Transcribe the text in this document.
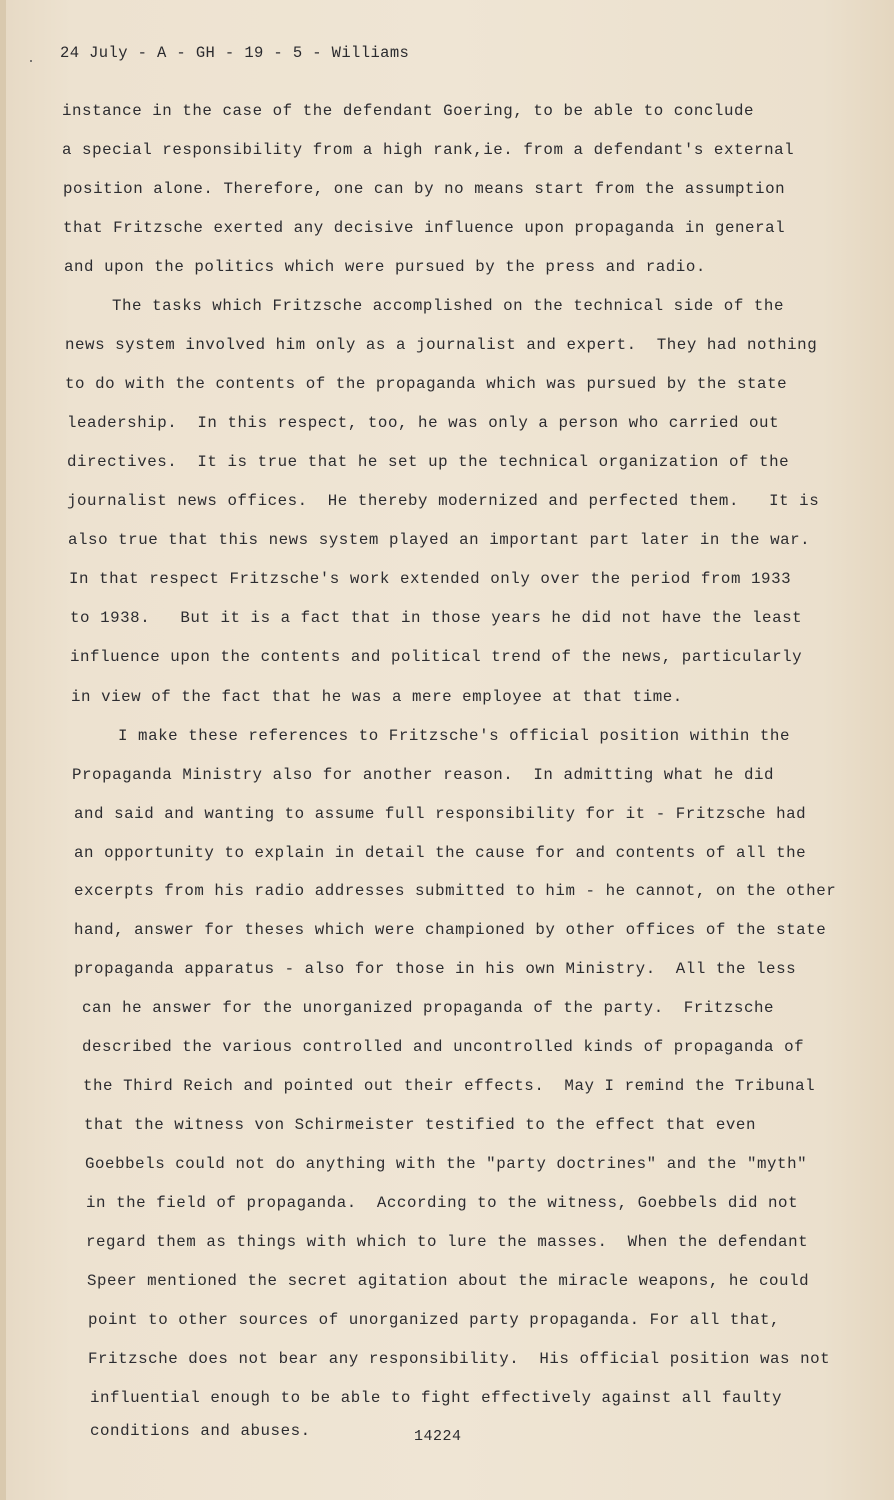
24 July - A - GH - 19 - 5 - Williams
instance in the case of the defendant Goering, to be able to conclude
a special responsibility from a high rank,ie. from a defendant's external
position alone. Therefore, one can by no means start from the assumption
that Fritzsche exerted any decisive influence upon propaganda in general
and upon the politics which were pursued by the press and radio.
The tasks which Fritzsche accomplished on the technical side of the
news system involved him only as a journalist and expert.  They had nothing
to do with the contents of the propaganda which was pursued by the state
leadership.  In this respect, too, he was only a person who carried out
directives.  It is true that he set up the technical organization of the
journalist news offices.  He thereby modernized and perfected them.   It is
also true that this news system played an important part later in the war.
In that respect Fritzsche's work extended only over the period from 1933
to 1938.   But it is a fact that in those years he did not have the least
influence upon the contents and political trend of the news, particularly
in view of the fact that he was a mere employee at that time.
I make these references to Fritzsche's official position within the
Propaganda Ministry also for another reason.  In admitting what he did
and said and wanting to assume full responsibility for it - Fritzsche had
an opportunity to explain in detail the cause for and contents of all the
excerpts from his radio addresses submitted to him - he cannot, on the other
hand, answer for theses which were championed by other offices of the state
propaganda apparatus - also for those in his own Ministry.  All the less
can he answer for the unorganized propaganda of the party.  Fritzsche
described the various controlled and uncontrolled kinds of propaganda of
the Third Reich and pointed out their effects.  May I remind the Tribunal
that the witness von Schirmeister testified to the effect that even
Goebbels could not do anything with the "party doctrines" and the "myth"
in the field of propaganda.  According to the witness, Goebbels did not
regard them as things with which to lure the masses.  When the defendant
Speer mentioned the secret agitation about the miracle weapons, he could
point to other sources of unorganized party propaganda. For all that,
Fritzsche does not bear any responsibility.  His official position was not
influential enough to be able to fight effectively against all faulty
conditions and abuses.	14224
